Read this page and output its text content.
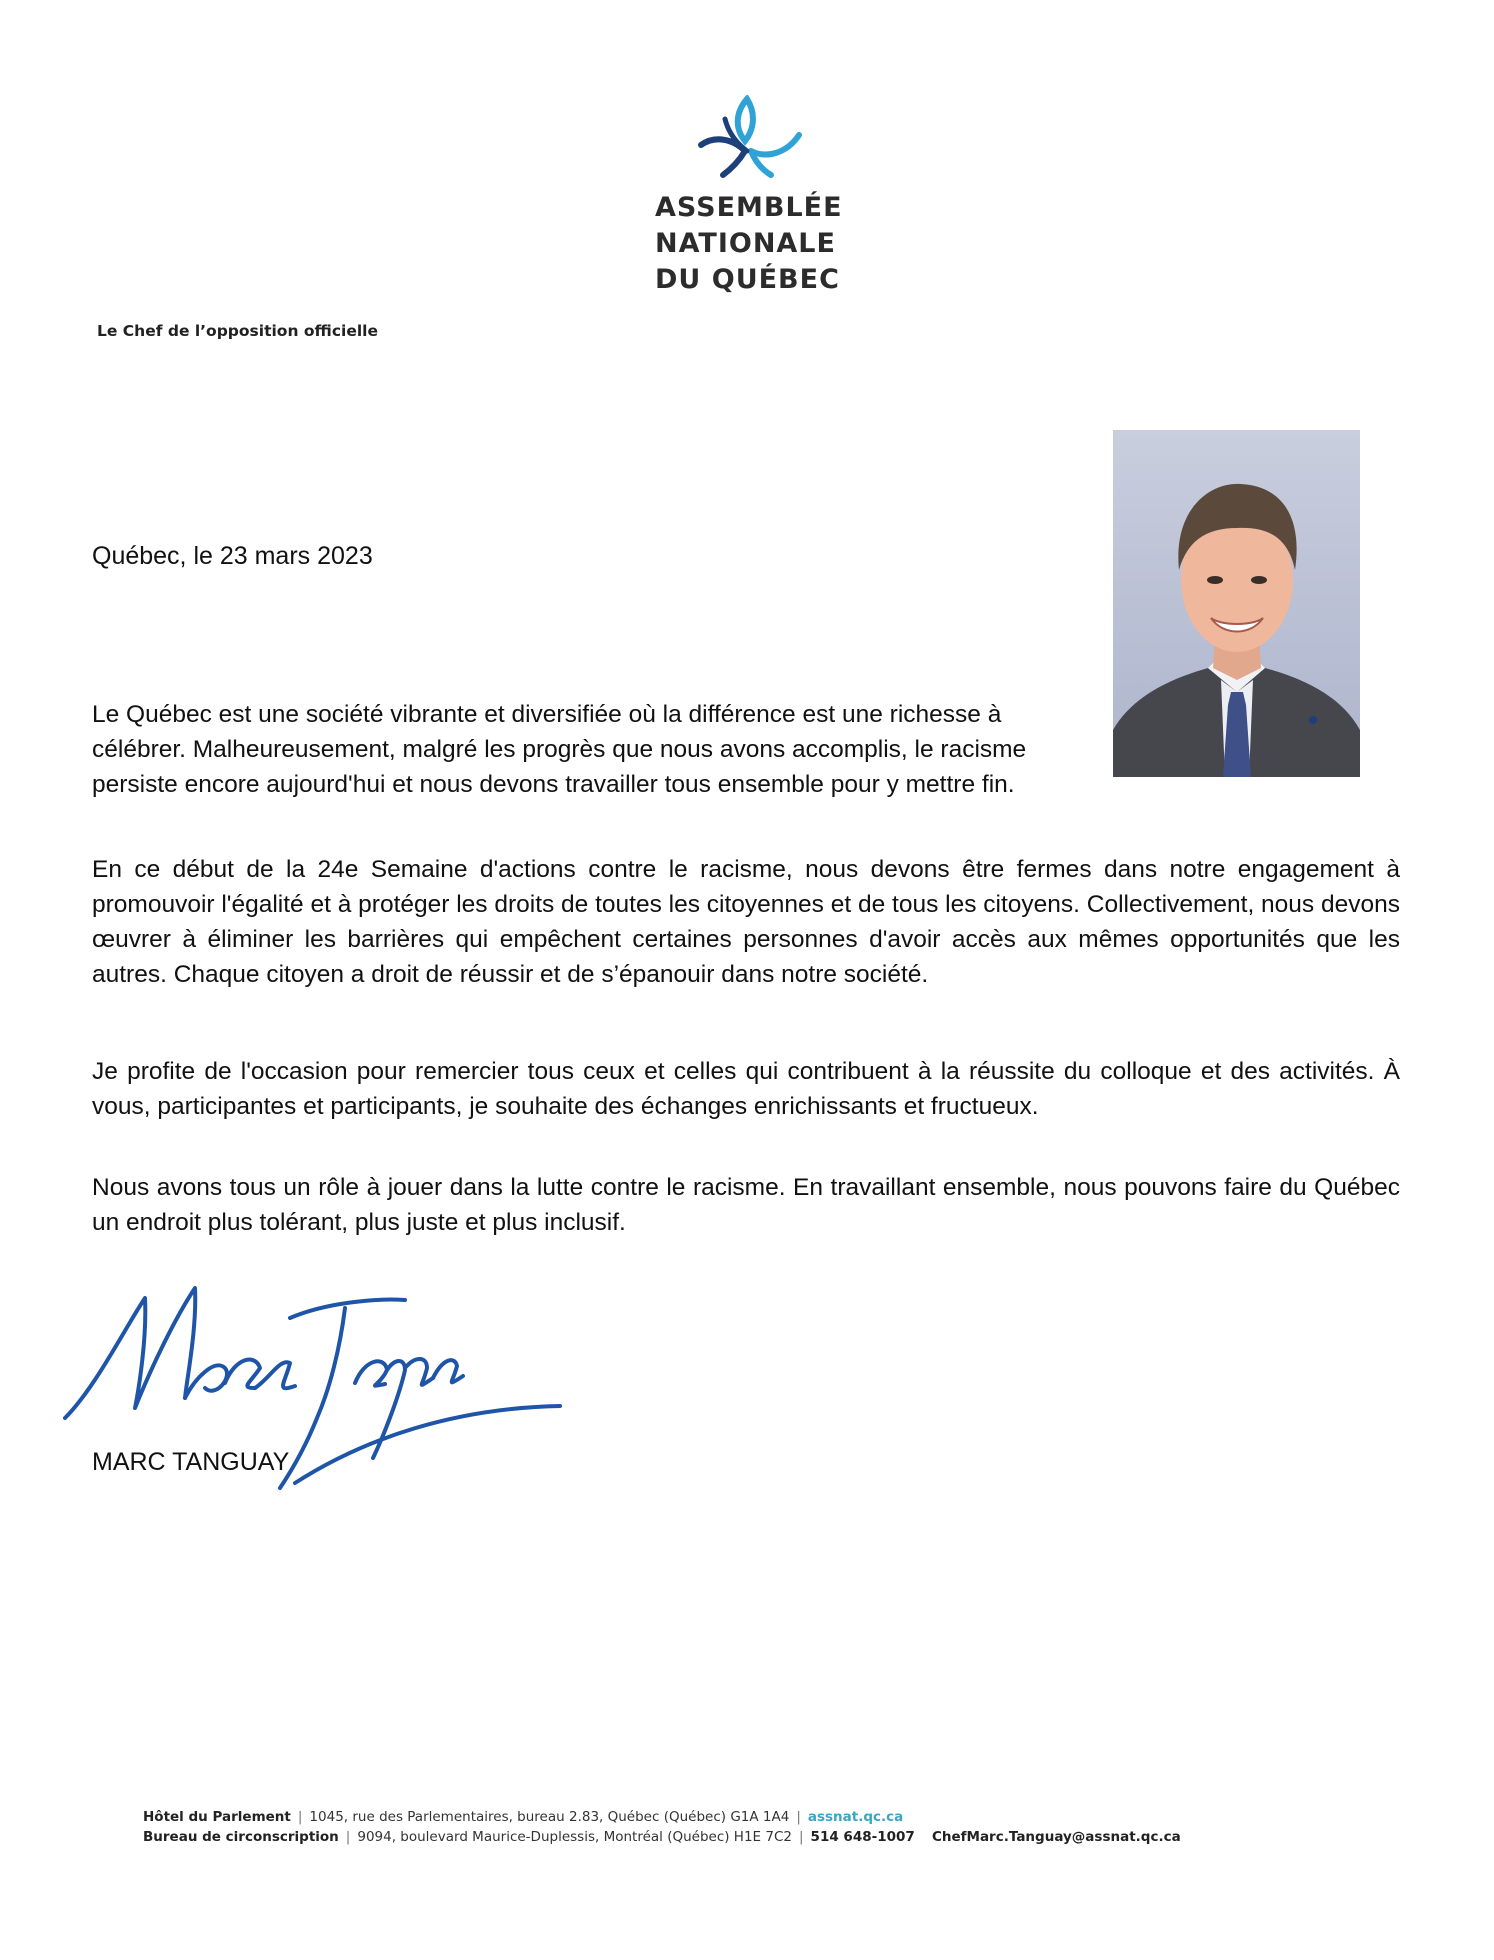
ASSEMBLÉE
NATIONALE
DU QUÉBEC
Le Chef de l’opposition officielle
Québec, le 23 mars 2023

Le Québec est une société vibrante et diversifiée où la différence est une richesse à célébrer. Malheureusement, malgré les progrès que nous avons accomplis, le racisme persiste encore aujourd'hui et nous devons travailler tous ensemble pour y mettre fin.

En ce début de la 24e Semaine d'actions contre le racisme, nous devons être fermes dans notre engagement à promouvoir l'égalité et à protéger les droits de toutes les citoyennes et de tous les citoyens. Collectivement, nous devons œuvrer à éliminer les barrières qui empêchent certaines personnes d'avoir accès aux mêmes opportunités que les autres. Chaque citoyen a droit de réussir et de s’épanouir dans notre société.

Je profite de l'occasion pour remercier tous ceux et celles qui contribuent à la réussite du colloque et des activités. À vous, participantes et participants, je souhaite des échanges enrichissants et fructueux.

Nous avons tous un rôle à jouer dans la lutte contre le racisme. En travaillant ensemble, nous pouvons faire du Québec un endroit plus tolérant, plus juste et plus inclusif.

MARC TANGUAY
Hôtel du Parlement | 1045, rue des Parlementaires, bureau 2.83, Québec (Québec) G1A 1A4 | assnat.qc.ca
Bureau de circonscription | 9094, boulevard Maurice-Duplessis, Montréal (Québec) H1E 7C2 | 514 648-1007 ChefMarc.Tanguay@assnat.qc.ca
